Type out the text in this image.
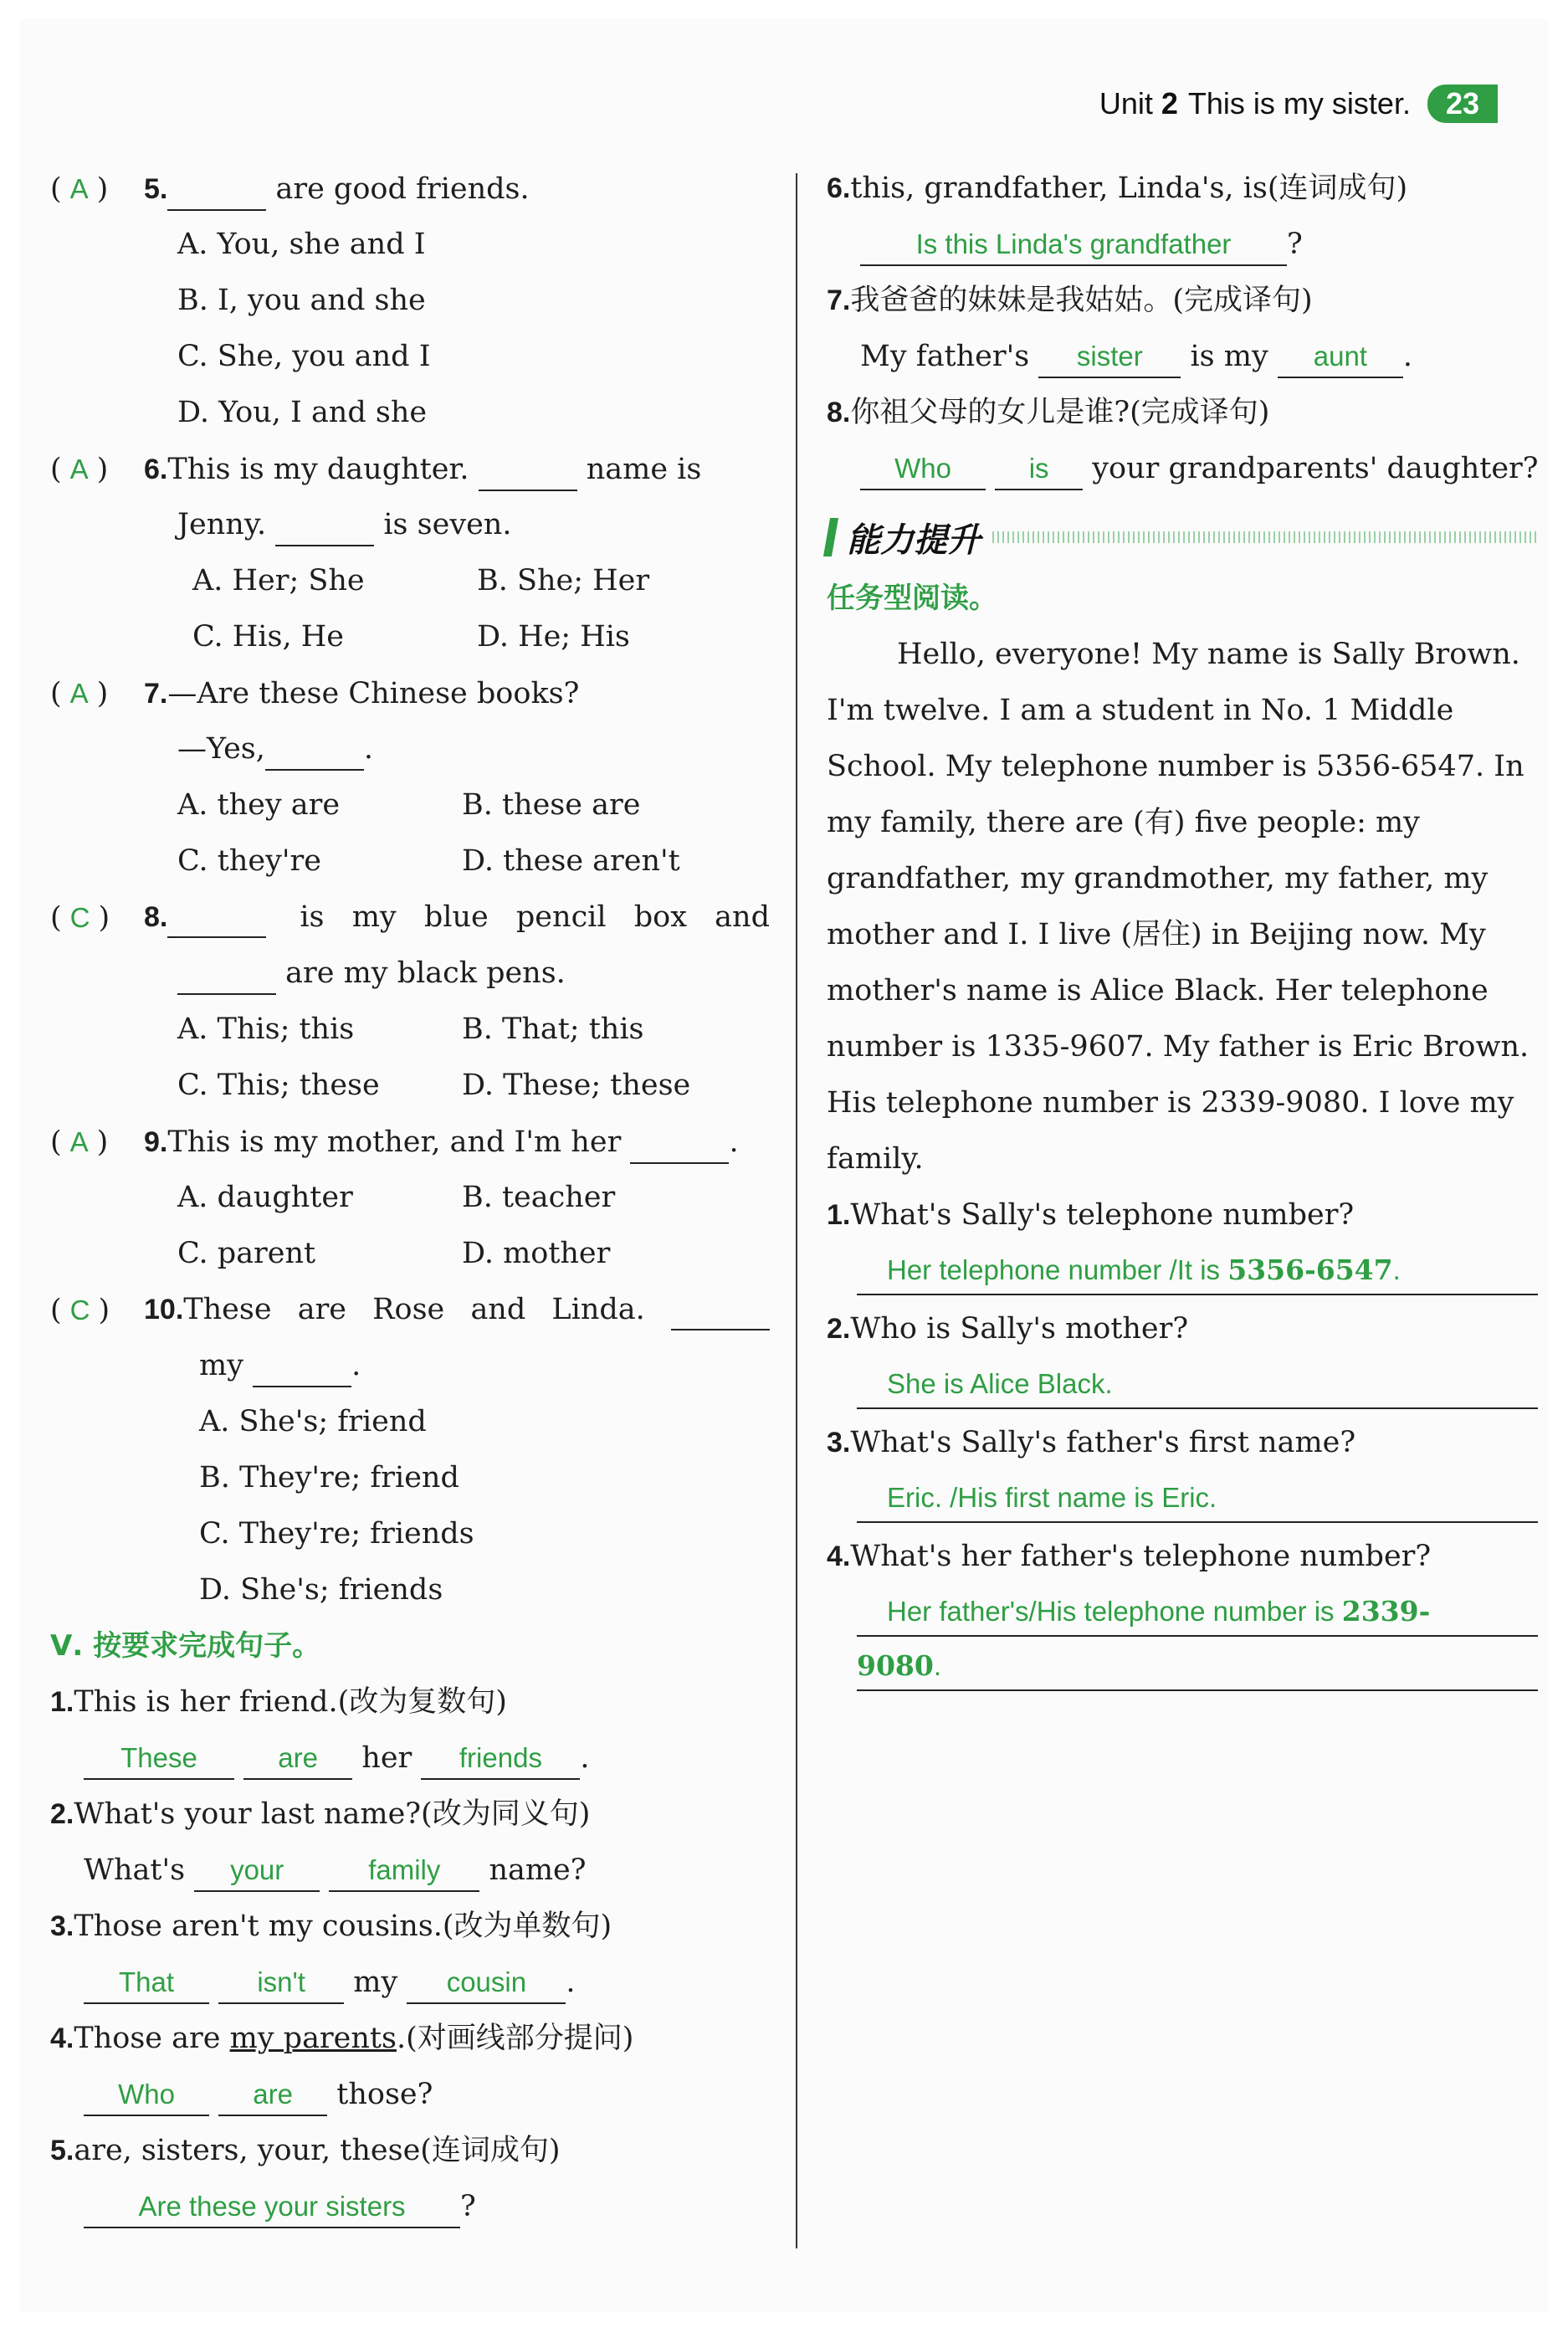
Unit 2 This is my sister.	23
( A ) 5.	are good friends.
A. You, she and I
B. I, you and she
C. She, you and I
D. You, I and she
( A ) 6.This is my daughter.	name is
Jenny.	is seven.
A. Her; She	B. She; Her
C. His, He	D. He; His
( A ) 7.—Are these Chinese books?
—Yes,	.
A. they are	B. these are
C. they're	D. these aren't
( C )	8.	is my blue pencil box and
are my black pens.
A. This; this	B. That; this
C. This; these	D. These; these
( A ) 9.This is my mother, and I'm her	.
A. daughter	B. teacher
C. parent	D. mother
( C )	10. These are Rose and Linda.
my	.
A. She's; friend
B. They're; friend
C. They're; friends
D. She's; friends
Ⅴ. 按要求完成句子。
1.This is her friend.(改为复数句)
These	are her friends .
2.What's your last name?(改为同义句)
What's your	family name?
3.Those aren't my cousins.(改为单数句)
That	isn't my cousin .
4.Those are my parents.(对画线部分提问)
Who	are those?
5.are, sisters, your, these(连词成句)
Are these your sisters ?
6.this, grandfather, Linda's, is(连词成句)
Is this Linda's grandfather ?
7.我爸爸的妹妹是我姑姑。(完成译句)
My father's sister is my aunt .
8.你祖父母的女儿是谁?(完成译句)
Who	is your grandparents' daughter?
能力提升
任务型阅读。
Hello, everyone! My name is Sally Brown.
I'm twelve. I am a student in No. 1 Middle
School. My telephone number is 5356-6547. In
my family, there are (有) five people: my
grandfather, my grandmother, my father, my
mother and I. I live (居住) in Beijing now. My
mother's name is Alice Black. Her telephone
number is 1335-9607. My father is Eric Brown.
His telephone number is 2339-9080. I love my
family.
1.What's Sally's telephone number?
Her telephone number /It is 5356-6547.
2.Who is Sally's mother?
She is Alice Black.
3.What's Sally's father's first name?
Eric. /His first name is Eric.
4.What's her father's telephone number?
Her father's/His telephone number is 2339-
9080.
